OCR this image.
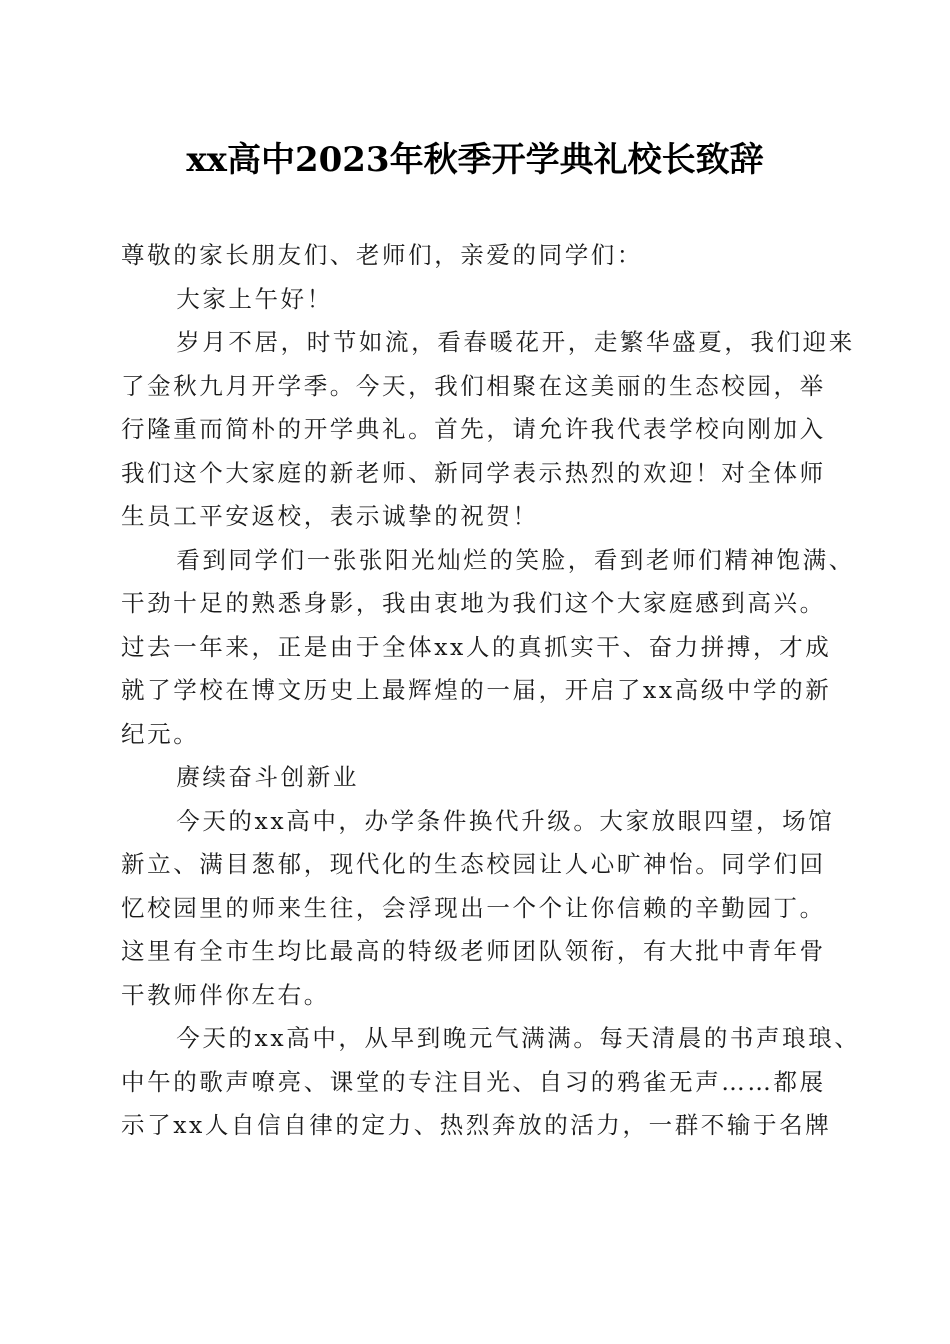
xx高中2023年秋季开学典礼校长致辞

尊敬的家长朋友们、老师们，亲爱的同学们：

大家上午好！

岁月不居，时节如流，看春暖花开，走繁华盛夏，我们迎来
了金秋九月开学季。今天，我们相聚在这美丽的生态校园，举
行隆重而简朴的开学典礼。首先，请允许我代表学校向刚加入
我们这个大家庭的新老师、新同学表示热烈的欢迎！对全体师
生员工平安返校，表示诚挚的祝贺！

看到同学们一张张阳光灿烂的笑脸，看到老师们精神饱满、
干劲十足的熟悉身影，我由衷地为我们这个大家庭感到高兴。
过去一年来，正是由于全体xx人的真抓实干、奋力拼搏，才成
就了学校在博文历史上最辉煌的一届，开启了xx高级中学的新
纪元。

赓续奋斗创新业

今天的xx高中，办学条件换代升级。大家放眼四望，场馆
新立、满目葱郁，现代化的生态校园让人心旷神怡。同学们回
忆校园里的师来生往，会浮现出一个个让你信赖的辛勤园丁。
这里有全市生均比最高的特级老师团队领衔，有大批中青年骨
干教师伴你左右。

今天的xx高中，从早到晚元气满满。每天清晨的书声琅琅、
中午的歌声嘹亮、课堂的专注目光、自习的鸦雀无声……都展
示了xx人自信自律的定力、热烈奔放的活力，一群不输于名牌
